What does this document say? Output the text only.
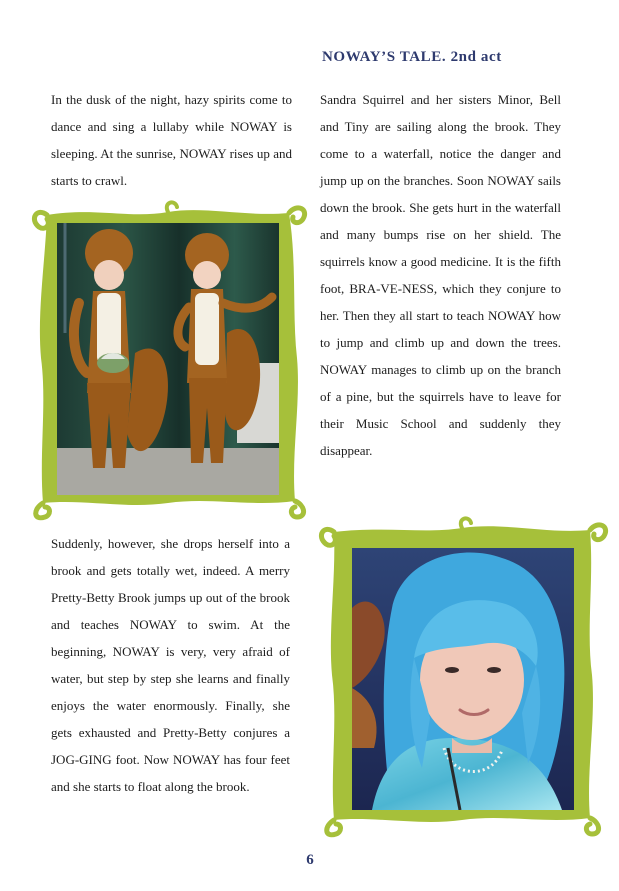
NOWAY’S TALE. 2nd act

In the dusk of the night, hazy spirits come to dance and sing a lullaby while NOWAY is sleeping. At the sunrise, NOWAY rises up and starts to crawl.

Sandra Squirrel and her sisters Minor, Bell and Tiny are sailing along the brook. They come to a waterfall, notice the danger and jump up on the branches. Soon NOWAY sails down the brook. She gets hurt in the waterfall and many bumps rise on her shield. The squirrels know a good medicine. It is the fifth foot, BRA-VE-NESS, which they conjure to her. Then they all start to teach NOWAY how to jump and climb up and down the trees. NOWAY manages to climb up on the branch of a pine, but the squirrels have to leave for their Music School and suddenly they disappear.

Suddenly, however, she drops herself into a brook and gets totally wet, indeed. A merry Pretty-Betty Brook jumps up out of the brook and teaches NOWAY to swim. At the beginning, NOWAY is very, very afraid of water, but step by step she learns and finally enjoys the water enormously. Finally, she gets exhausted and Pretty-Betty conjures a JOG-GING foot. Now NOWAY has four feet and she starts to float along the brook.

6
